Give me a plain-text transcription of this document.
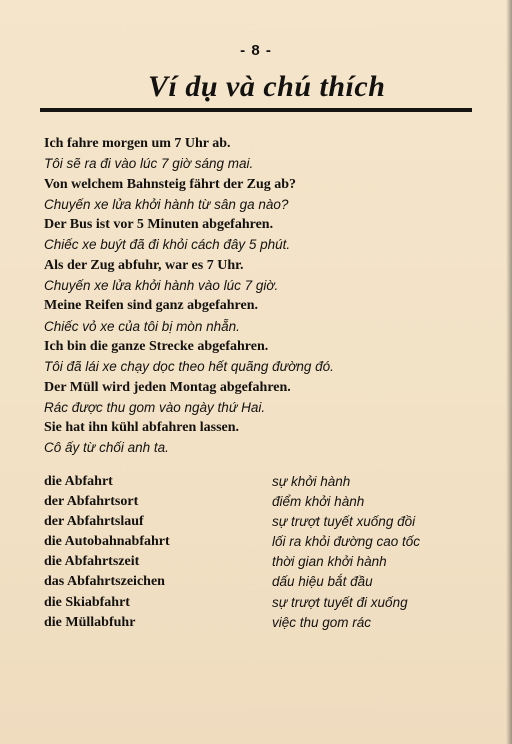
- 8 -
Ví dụ và chú thích
Ich fahre morgen um 7 Uhr ab.
Tôi sẽ ra đi vào lúc 7 giờ sáng mai.
Von welchem Bahnsteig fährt der Zug ab?
Chuyến xe lửa khởi hành từ sân ga nào?
Der Bus ist vor 5 Minuten abgefahren.
Chiếc xe buýt đã đi khỏi cách đây 5 phút.
Als der Zug abfuhr, war es 7 Uhr.
Chuyến xe lửa khởi hành vào lúc 7 giờ.
Meine Reifen sind ganz abgefahren.
Chiếc vỏ xe của tôi bị mòn nhẵn.
Ich bin die ganze Strecke abgefahren.
Tôi đã lái xe chạy dọc theo hết quãng đường đó.
Der Müll wird jeden Montag abgefahren.
Rác được thu gom vào ngày thứ Hai.
Sie hat ihn kühl abfahren lassen.
Cô ấy từ chối anh ta.
die Abfahrt	sự khởi hành
der Abfahrtsort	điểm khởi hành
der Abfahrtslauf	sự trượt tuyết xuống đồi
die Autobahnabfahrt	lối ra khỏi đường cao tốc
die Abfahrtszeit	thời gian khởi hành
das Abfahrtszeichen	dấu hiệu bắt đầu
die Skiabfahrt	sự trượt tuyết đi xuống
die Müllabfuhr	việc thu gom rác
